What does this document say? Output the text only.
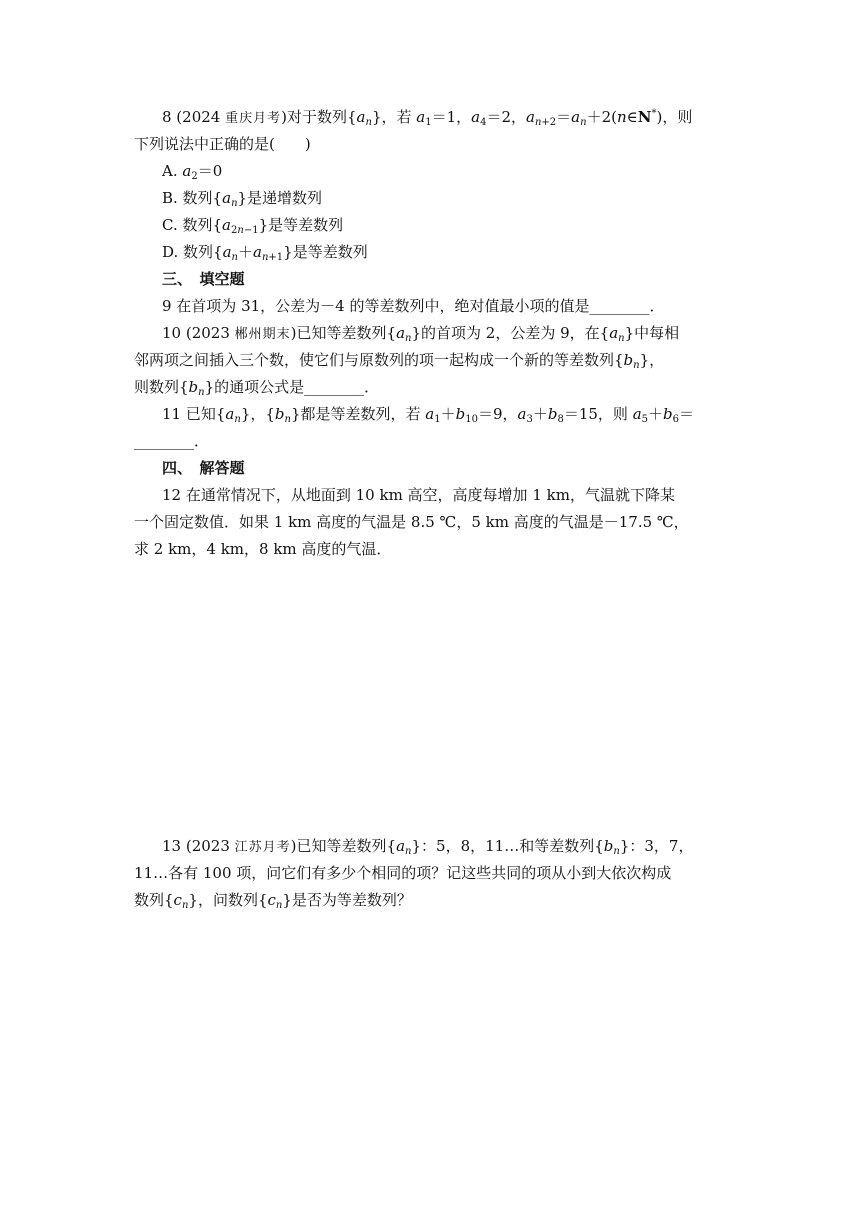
8 (2024 重庆月考)对于数列$\{a_n\}$，若 $a_1=1$，$a_4=2$，$a_{n+2}=a_n+2(n\in N^*)$，则
下列说法中正确的是(　　)
A. $a_2=0$
B. 数列$\{a_n\}$是递增数列
C. 数列$\{a_{2n-1}\}$是等差数列
D. 数列$\{a_n+a_{n+1}\}$是等差数列
三、　填空题
9 在首项为 31，公差为－4 的等差数列中，绝对值最小项的值是________．
10 (2023 郴州期末)已知等差数列$\{a_n\}$的首项为 2，公差为 9，在$\{a_n\}$中每相
邻两项之间插入三个数，使它们与原数列的项一起构成一个新的等差数列$\{b_n\}$，
则数列$\{b_n\}$的通项公式是________．
11 已知$\{a_n\}$，$\{b_n\}$都是等差数列，若 $a_1+b_{10}=9$，$a_3+b_8=15$，则 $a_5+b_6=$
________．
四、　解答题
12 在通常情况下，从地面到 10 km 高空，高度每增加 1 km，气温就下降某
一个固定数值．如果 1 km 高度的气温是 8.5 ℃，5 km 高度的气温是－17.5 ℃，
求 2 km，4 km，8 km 高度的气温．
13 (2023 江苏月考)已知等差数列$\{a_n\}$：5，8，11…和等差数列$\{b_n\}$：3，7，
11…各有 100 项，问它们有多少个相同的项？记这些共同的项从小到大依次构成
数列$\{c_n\}$，问数列$\{c_n\}$是否为等差数列？
